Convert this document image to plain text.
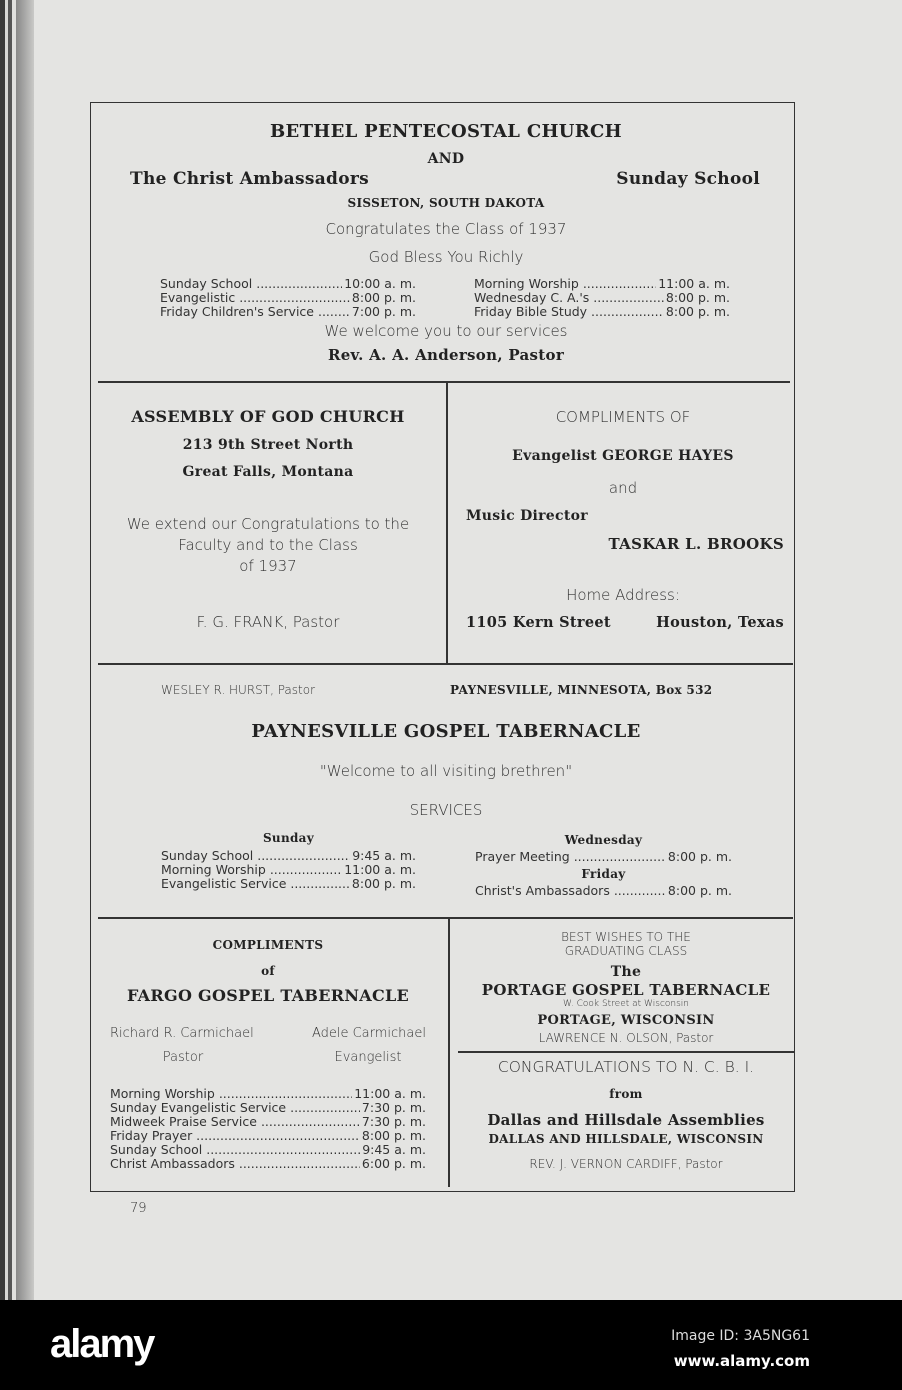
BETHEL PENTECOSTAL CHURCH
AND
The Christ Ambassadors	Sunday School
SISSETON, SOUTH DAKOTA
Congratulates the Class of 1937
God Bless You Richly
Sunday School .....	10:00 a. m.
Evangelistic .....	8:00 p. m.
Friday Children's Service .....	7:00 p. m.
Morning Worship .....	11:00 a. m.
Wednesday C. A.'s .....	8:00 p. m.
Friday Bible Study .....	8:00 p. m.
We welcome you to our services
Rev. A. A. Anderson, Pastor
ASSEMBLY OF GOD CHURCH
213 9th Street North
Great Falls, Montana
We extend our Congratulations to the
Faculty and to the Class
of 1937
F. G. FRANK, Pastor
COMPLIMENTS OF
Evangelist GEORGE HAYES
and
Music Director
TASKAR L. BROOKS
Home Address:
1105 Kern Street	Houston, Texas
WESLEY R. HURST, Pastor	PAYNESVILLE, MINNESOTA, Box 532
PAYNESVILLE GOSPEL TABERNACLE
"Welcome to all visiting brethren"
SERVICES
Sunday
Sunday School .....	9:45 a. m.
Morning Worship .....	11:00 a. m.
Evangelistic Service .....	8:00 p. m.
Wednesday
Prayer Meeting .....	8:00 p. m.
Friday
Christ's Ambassadors .....	8:00 p. m.
COMPLIMENTS
of
FARGO GOSPEL TABERNACLE
Richard R. Carmichael	Adele Carmichael
Pastor	Evangelist
Morning Worship .....	11:00 a. m.
Sunday Evangelistic Service .....	7:30 p. m.
Midweek Praise Service .....	7:30 p. m.
Friday Prayer .....	8:00 p. m.
Sunday School .....	9:45 a. m.
Christ Ambassadors .....	6:00 p. m.
BEST WISHES TO THE
GRADUATING CLASS
The
PORTAGE GOSPEL TABERNACLE
W. Cook Street at Wisconsin
PORTAGE, WISCONSIN
LAWRENCE N. OLSON, Pastor
CONGRATULATIONS TO N. C. B. I.
from
Dallas and Hillsdale Assemblies
DALLAS AND HILLSDALE, WISCONSIN
REV. J. VERNON CARDIFF, Pastor
79
alamy	Image ID: 3A5NG61
www.alamy.com
